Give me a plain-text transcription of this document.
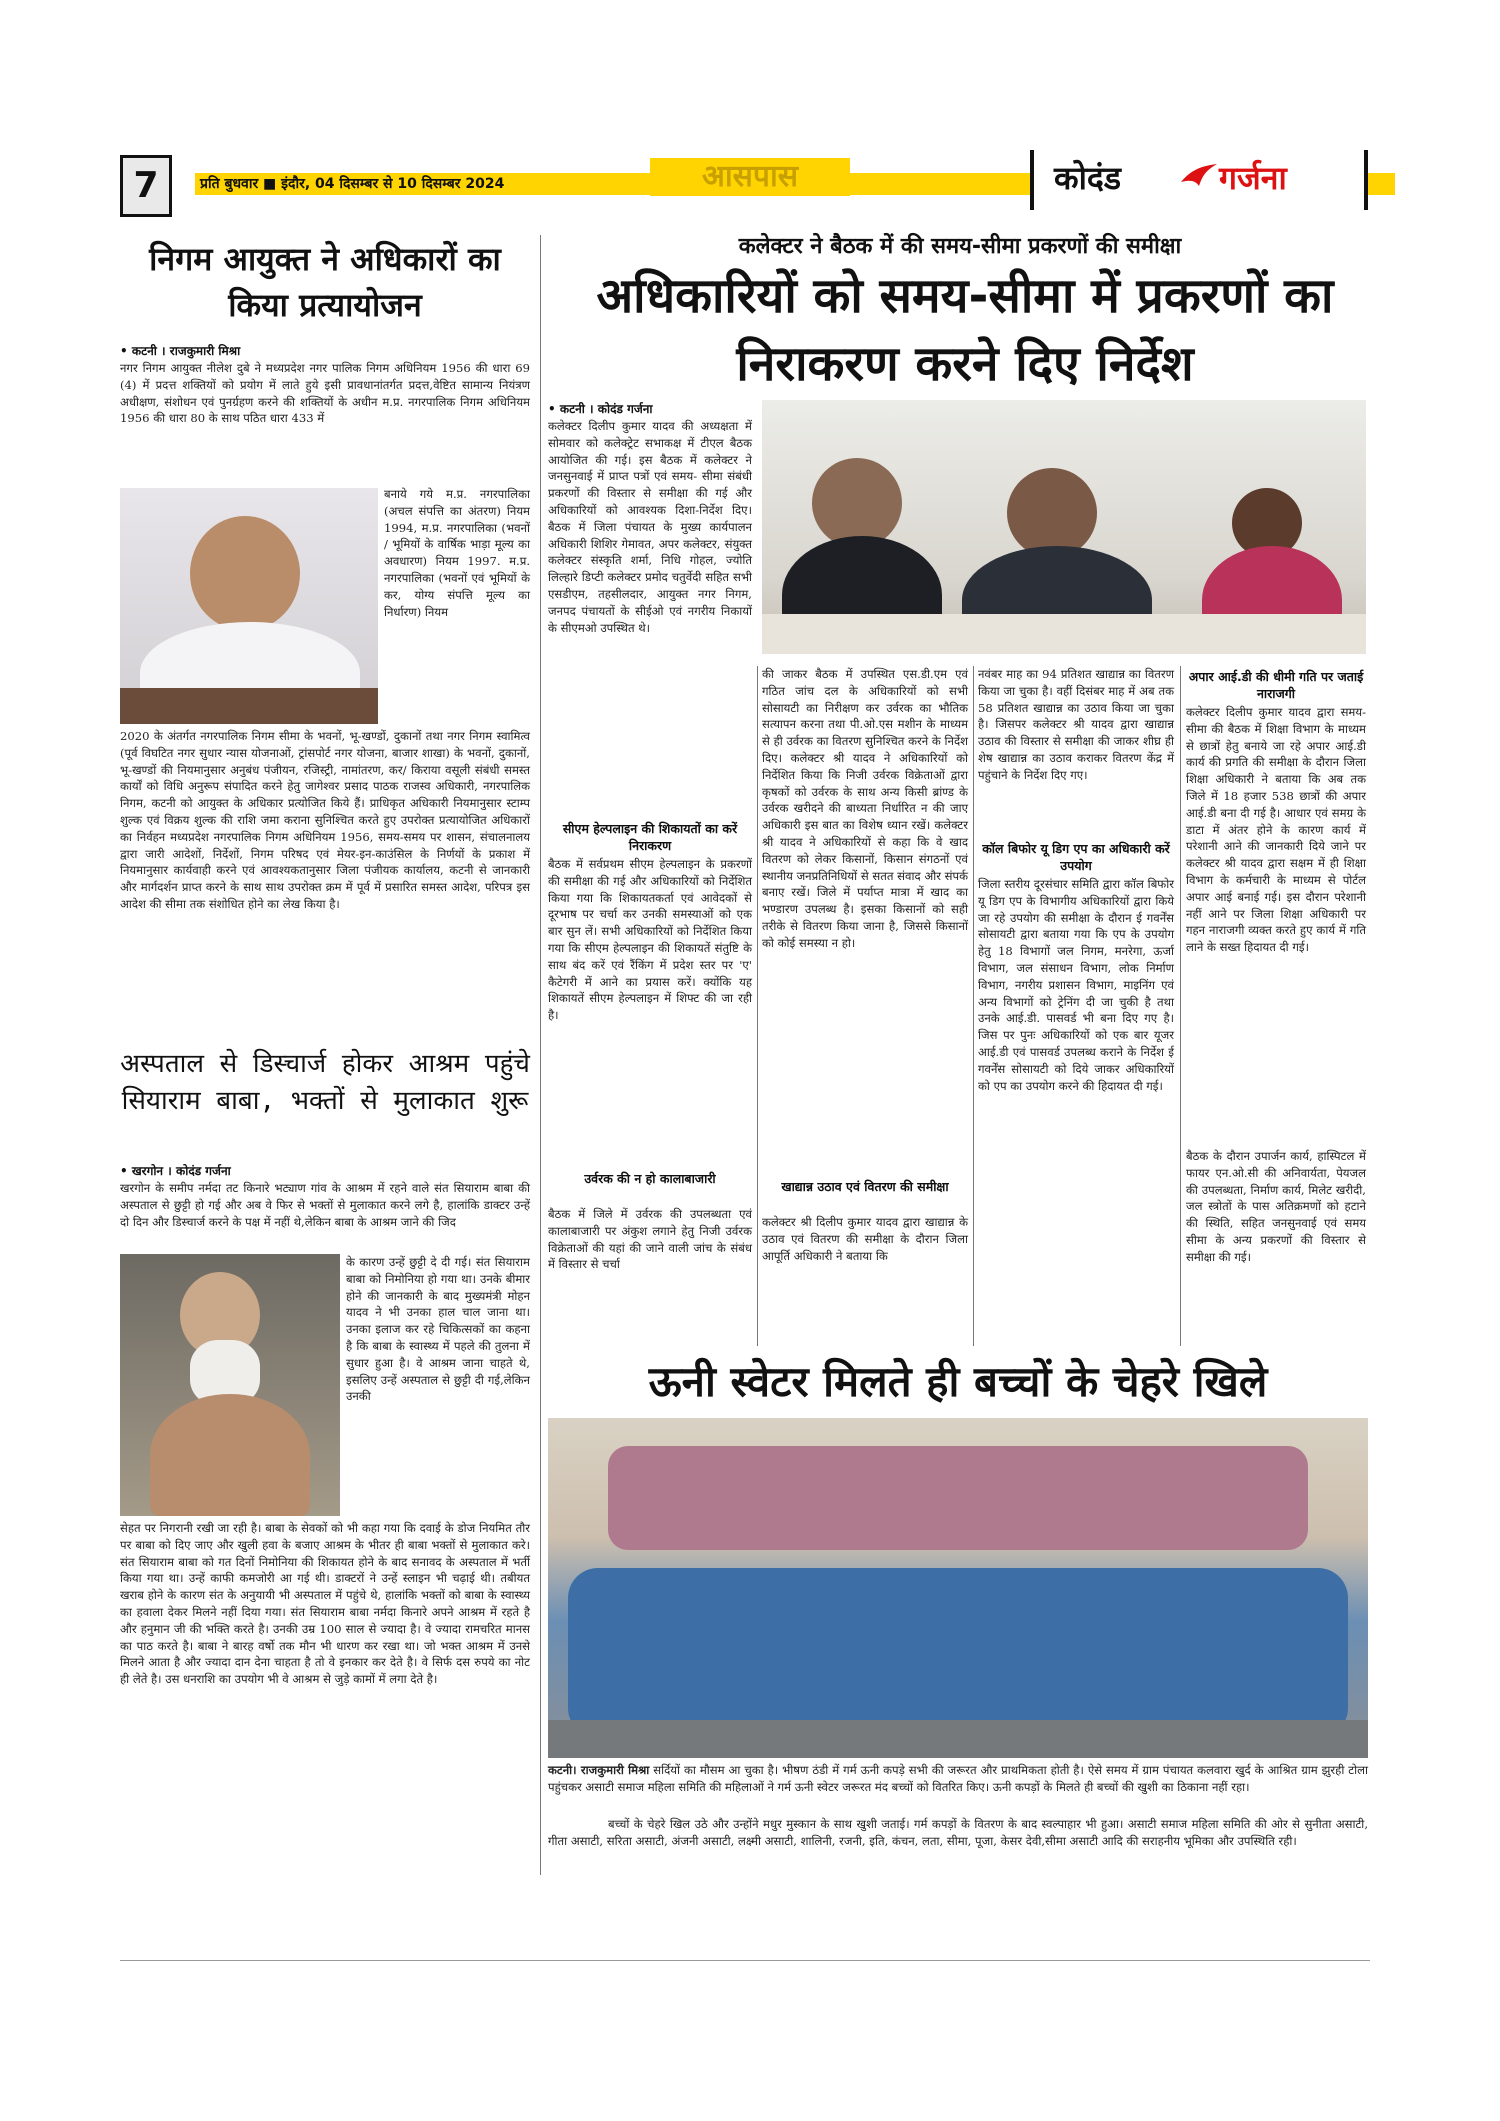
7	प्रति बुधवार ■ इंदौर, 04 दिसम्बर से 10 दिसम्बर 2024	आसपास	कोदंड	गर्जना
निगम आयुक्त ने अधिकारों का किया प्रत्यायोजन
• कटनी । राजकुमारी मिश्रा
नगर निगम आयुक्त नीलेश दुबे ने मध्यप्रदेश नगर पालिक निगम अधिनियम 1956 की धारा 69 (4) में प्रदत्त शक्तियों को प्रयोग में लाते हुये इसी प्रावधानांतर्गत प्रदत्त,वेष्टित सामान्य नियंत्रण अधीक्षण, संशोधन एवं पुनर्ग्रहण करने की शक्तियों के अधीन म.प्र. नगरपालिक निगम अधिनियम 1956 की धारा 80 के साथ पठित धारा 433 में
बनाये गये म.प्र. नगरपालिका (अचल संपत्ति का अंतरण) नियम 1994, म.प्र. नगरपालिका (भवनों / भूमियों के वार्षिक भाड़ा मूल्य का अवधारण) नियम 1997. म.प्र. नगरपालिका (भवनों एवं भूमियों के कर, योग्य संपत्ति मूल्य का निर्धारण) नियम
2020 के अंतर्गत नगरपालिक निगम सीमा के भवनों, भू-खण्डों, दुकानों तथा नगर निगम स्वामित्व (पूर्व विघटित नगर सुधार न्यास योजनाओं, ट्रांसपोर्ट नगर योजना, बाजार शाखा) के भवनों, दुकानों, भू-खण्डों की नियमानुसार अनुबंध पंजीयन, रजिस्ट्री, नामांतरण, कर/ किराया वसूली संबंधी समस्त कार्यों को विधि अनुरूप संपादित करने हेतु जागेश्वर प्रसाद पाठक राजस्व अधिकारी, नगरपालिक निगम, कटनी को आयुक्त के अधिकार प्रत्योजित किये हैं। प्राधिकृत अधिकारी नियमानुसार स्टाम्प शुल्क एवं विक्रय शुल्क की राशि जमा कराना सुनिश्चित करते हुए उपरोक्त प्रत्यायोजित अधिकारों का निर्वहन मध्यप्रदेश नगरपालिक निगम अधिनियम 1956, समय-समय पर शासन, संचालनालय द्वारा जारी आदेशों, निर्देशों, निगम परिषद एवं मेयर-इन-काउंसिल के निर्णयों के प्रकाश में नियमानुसार कार्यवाही करने एवं आवश्यकतानुसार जिला पंजीयक कार्यालय, कटनी से जानकारी और मार्गदर्शन प्राप्त करने के साथ साथ उपरोक्त क्रम में पूर्व में प्रसारित समस्त आदेश, परिपत्र इस आदेश की सीमा तक संशोधित होने का लेख किया है।
अस्पताल से डिस्चार्ज होकर आश्रम पहुंचे सियाराम बाबा, भक्तों से मुलाकात शुरू
• खरगोन । कोदंड गर्जना
खरगोन के समीप नर्मदा तट किनारे भट्याण गांव के आश्रम में रहने वाले संत सियाराम बाबा की अस्पताल से छुट्टी हो गई और अब वे फिर से भक्तों से मुलाकात करने लगे है, हालांकि डाक्टर उन्हें दो दिन और डिस्चार्ज करने के पक्ष में नहीं थे,लेकिन बाबा के आश्रम जाने की जिद
के कारण उन्हें छुट्टी दे दी गई। संत सियाराम बाबा को निमोनिया हो गया था। उनके बीमार होने की जानकारी के बाद मुख्यमंत्री मोहन यादव ने भी उनका हाल चाल जाना था। उनका इलाज कर रहे चिकित्सकों का कहना है कि बाबा के स्वास्थ्य में पहले की तुलना में सुधार हुआ है। वे आश्रम जाना चाहते थे, इसलिए उन्हें अस्पताल से छुट्टी दी गई,लेकिन उनकी
सेहत पर निगरानी रखी जा रही है। बाबा के सेवकों को भी कहा गया कि दवाई के डोज नियमित तौर पर बाबा को दिए जाए और खुली हवा के बजाए आश्रम के भीतर ही बाबा भक्तों से मुलाकात करे। संत सियाराम बाबा को गत दिनों निमोनिया की शिकायत होने के बाद सनावद के अस्पताल में भर्ती किया गया था। उन्हें काफी कमजोरी आ गई थी। डाक्टरों ने उन्हें स्लाइन भी चढ़ाई थी। तबीयत खराब होने के कारण संत के अनुयायी भी अस्पताल में पहुंचे थे, हालांकि भक्तों को बाबा के स्वास्थ्य का हवाला देकर मिलने नहीं दिया गया। संत सियाराम बाबा नर्मदा किनारे अपने आश्रम में रहते है और हनुमान जी की भक्ति करते है। उनकी उम्र 100 साल से ज्यादा है। वे ज्यादा रामचरित मानस का पाठ करते है। बाबा ने बारह वर्षो तक मौन भी धारण कर रखा था। जो भक्त आश्रम में उनसे मिलने आता है और ज्यादा दान देना चाहता है तो वे इनकार कर देते है। वे सिर्फ दस रुपये का नोट ही लेते है। उस धनराशि का उपयोग भी वे आश्रम से जुड़े कामों में लगा देते है।
कलेक्टर ने बैठक में की समय-सीमा प्रकरणों की समीक्षा
अधिकारियों को समय-सीमा में प्रकरणों का निराकरण करने दिए निर्देश
• कटनी । कोदंड गर्जना
कलेक्टर दिलीप कुमार यादव की अध्यक्षता में सोमवार को कलेक्ट्रेट सभाकक्ष में टीएल बैठक आयोजित की गई। इस बैठक में कलेक्टर ने जनसुनवाई में प्राप्त पत्रों एवं समय- सीमा संबंधी प्रकरणों की विस्तार से समीक्षा की गई और अधिकारियों को आवश्यक दिशा-निर्देश दिए। बैठक में जिला पंचायत के मुख्य कार्यपालन अधिकारी शिशिर गेमावत, अपर कलेक्टर, संयुक्त कलेक्टर संस्कृति शर्मा, निधि गोहल, ज्योति लिल्हारे डिप्टी कलेक्टर प्रमोद चतुर्वेदी सहित सभी एसडीएम, तहसीलदार, आयुक्त नगर निगम, जनपद पंचायतों के सीईओ एवं नगरीय निकायों के सीएमओ उपस्थित थे।
सीएम हेल्पलाइन की शिकायतों का करें निराकरण
बैठक में सर्वप्रथम सीएम हेल्पलाइन के प्रकरणों की समीक्षा की गई और अधिकारियों को निर्देशित किया गया कि शिकायतकर्ता एवं आवेदकों से दूरभाष पर चर्चा कर उनकी समस्याओं को एक बार सुन लें। सभी अधिकारियों को निर्देशित किया गया कि सीएम हेल्पलाइन की शिकायतें संतुष्टि के साथ बंद करें एवं रैंकिंग में प्रदेश स्तर पर 'ए' कैटेगरी में आने का प्रयास करें। क्योंकि यह शिकायतें सीएम हेल्पलाइन में शिफ्ट की जा रही है।
उर्वरक की न हो कालाबाजारी
बैठक में जिले में उर्वरक की उपलब्धता एवं कालाबाजारी पर अंकुश लगाने हेतु निजी उर्वरक विक्रेताओं की यहां की जाने वाली जांच के संबंध में विस्तार से चर्चा
की जाकर बैठक में उपस्थित एस.डी.एम एवं गठित जांच दल के अधिकारियों को सभी सोसायटी का निरीक्षण कर उर्वरक का भौतिक सत्यापन करना तथा पी.ओ.एस मशीन के माध्यम से ही उर्वरक का वितरण सुनिश्चित करने के निर्देश दिए। कलेक्टर श्री यादव ने अधिकारियों को निर्देशित किया कि निजी उर्वरक विक्रेताओं द्वारा कृषकों को उर्वरक के साथ अन्य किसी ब्रांण्ड के उर्वरक खरीदने की बाध्यता निर्धारित न की जाए अधिकारी इस बात का विशेष ध्यान रखें। कलेक्टर श्री यादव ने अधिकारियों से कहा कि वे खाद वितरण को लेकर किसानों, किसान संगठनों एवं स्थानीय जनप्रतिनिधियों से सतत संवाद और संपर्क बनाए रखें। जिले में पर्याप्त मात्रा में खाद का भण्डारण उपलब्ध है। इसका किसानों को सही तरीके से वितरण किया जाना है, जिससे किसानों को कोई समस्या न हो।
खाद्यान्न उठाव एवं वितरण की समीक्षा
कलेक्टर श्री दिलीप कुमार यादव द्वारा खाद्यान्न के उठाव एवं वितरण की समीक्षा के दौरान जिला आपूर्ति अधिकारी ने बताया कि
नवंबर माह का 94 प्रतिशत खाद्यान्न का वितरण किया जा चुका है। वहीं दिसंबर माह में अब तक 58 प्रतिशत खाद्यान्न का उठाव किया जा चुका है। जिसपर कलेक्टर श्री यादव द्वारा खाद्यान्न उठाव की विस्तार से समीक्षा की जाकर शीघ्र ही शेष खाद्यान्न का उठाव कराकर वितरण केंद्र में पहुंचाने के निर्देश दिए गए।
कॉल बिफोर यू डिग एप का अधिकारी करें उपयोग
जिला स्तरीय दूरसंचार समिति द्वारा कॉल बिफोर यू डिग एप के विभागीय अधिकारियों द्वारा किये जा रहे उपयोग की समीक्षा के दौरान ई गवर्नेंस सोसायटी द्वारा बताया गया कि एप के उपयोग हेतु 18 विभागों जल निगम, मनरेगा, ऊर्जा विभाग, जल संसाधन विभाग, लोक निर्माण विभाग, नगरीय प्रशासन विभाग, माइनिंग एवं अन्य विभागों को ट्रेनिंग दी जा चुकी है तथा उनके आई.डी. पासवर्ड भी बना दिए गए है। जिस पर पुनः अधिकारियों को एक बार यूजर आई.डी एवं पासवर्ड उपलब्ध कराने के निर्देश ई गवर्नेंस सोसायटी को दिये जाकर अधिकारियों को एप का उपयोग करने की हिदायत दी गई।
अपार आई.डी की धीमी गति पर जताई नाराजगी
कलेक्टर दिलीप कुमार यादव द्वारा समय-सीमा की बैठक में शिक्षा विभाग के माध्यम से छात्रों हेतु बनाये जा रहे अपार आई.डी कार्य की प्रगति की समीक्षा के दौरान जिला शिक्षा अधिकारी ने बताया कि अब तक जिले में 18 हजार 538 छात्रों की अपार आई.डी बना दी गई है। आधार एवं समग्र के डाटा में अंतर होने के कारण कार्य में परेशानी आने की जानकारी दिये जाने पर कलेक्टर श्री यादव द्वारा सक्षम में ही शिक्षा विभाग के कर्मचारी के माध्यम से पोर्टल अपार आई बनाई गई। इस दौरान परेशानी नहीं आने पर जिला शिक्षा अधिकारी पर गहन नाराजगी व्यक्त करते हुए कार्य में गति लाने के सख्त हिदायत दी गई।
बैठक के दौरान उपार्जन कार्य, हास्पिटल में फायर एन.ओ.सी की अनिवार्यता, पेयजल की उपलब्धता, निर्माण कार्य, मिलेट खरीदी, जल स्त्रोतों के पास अतिक्रमणों को हटाने की स्थिति, सहित जनसुनवाई एवं समय सीमा के अन्य प्रकरणों की विस्तार से समीक्षा की गई।
ऊनी स्वेटर मिलते ही बच्चों के चेहरे खिले
कटनी। राजकुमारी मिश्रा सर्दियों का मौसम आ चुका है। भीषण ठंडी में गर्म ऊनी कपड़े सभी की जरूरत और प्राथमिकता होती है। ऐसे समय में ग्राम पंचायत कलवारा खुर्द के आश्रित ग्राम झुरही टोला पहुंचकर असाटी समाज महिला समिति की महिलाओं ने गर्म ऊनी स्वेटर जरूरत मंद बच्चों को वितरित किए। ऊनी कपड़ों के मिलते ही बच्चों की खुशी का ठिकाना नहीं रहा।
बच्चों के चेहरे खिल उठे और उन्होंने मधुर मुस्कान के साथ खुशी जताई। गर्म कपड़ों के वितरण के बाद स्वल्पाहार भी हुआ। असाटी समाज महिला समिति की ओर से सुनीता असाटी, गीता असाटी, सरिता असाटी, अंजनी असाटी, लक्ष्मी असाटी, शालिनी, रजनी, इति, कंचन, लता, सीमा, पूजा, केसर देवी,सीमा असाटी आदि की सराहनीय भूमिका और उपस्थिति रही।
